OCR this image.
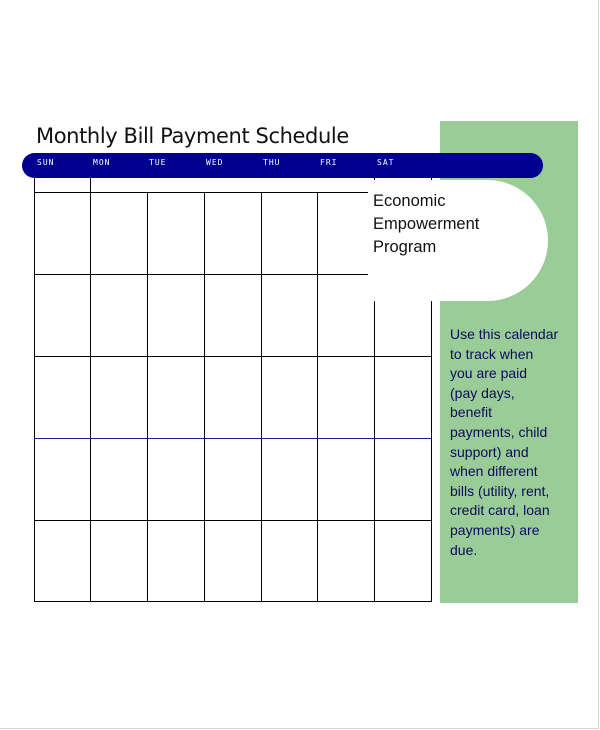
Monthly Bill Payment Schedule
SUN	MON	TUE	WED	THU	FRI	SAT
Economic
Empowerment
Program
Use this calendar
to track when
you are paid
(pay days,
benefit
payments, child
support) and
when different
bills (utility, rent,
credit card, loan
payments) are
due.
